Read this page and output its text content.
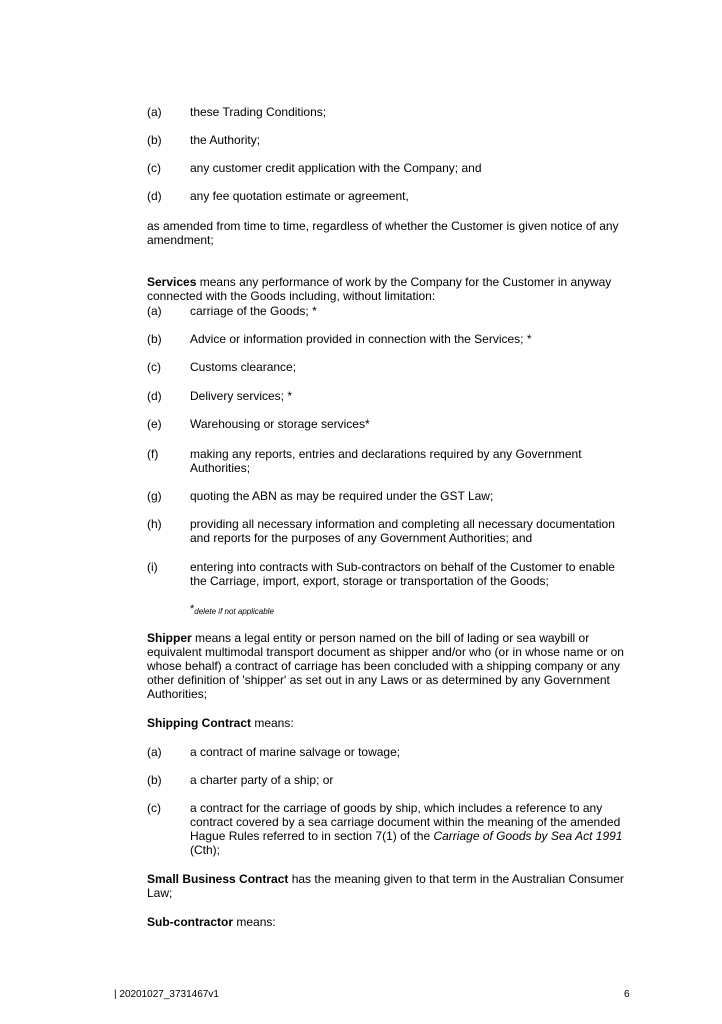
(a) these Trading Conditions;
(b) the Authority;
(c) any customer credit application with the Company; and
(d) any fee quotation estimate or agreement,
as amended from time to time, regardless of whether the Customer is given notice of any amendment;
Services means any performance of work by the Company for the Customer in anyway connected with the Goods including, without limitation:
(a) carriage of the Goods; *
(b) Advice or information provided in connection with the Services; *
(c) Customs clearance;
(d) Delivery services; *
(e) Warehousing or storage services*
(f)	making any reports, entries and declarations required by any Government Authorities;
(g) quoting the ABN as may be required under the GST Law;
(h) providing all necessary information and completing all necessary documentation and reports for the purposes of any Government Authorities; and
(i)	entering into contracts with Sub-contractors on behalf of the Customer to enable the Carriage, import, export, storage or transportation of the Goods;
*delete if not applicable
Shipper means a legal entity or person named on the bill of lading or sea waybill or equivalent multimodal transport document as shipper and/or who (or in whose name or on whose behalf) a contract of carriage has been concluded with a shipping company or any other definition of 'shipper' as set out in any Laws or as determined by any Government Authorities;
Shipping Contract means:
(a) a contract of marine salvage or towage;
(b) a charter party of a ship; or
(c) a contract for the carriage of goods by ship, which includes a reference to any contract covered by a sea carriage document within the meaning of the amended Hague Rules referred to in section 7(1) of the Carriage of Goods by Sea Act 1991 (Cth);
Small Business Contract has the meaning given to that term in the Australian Consumer Law;
Sub-contractor means:
| 20201027_3731467v1	6
